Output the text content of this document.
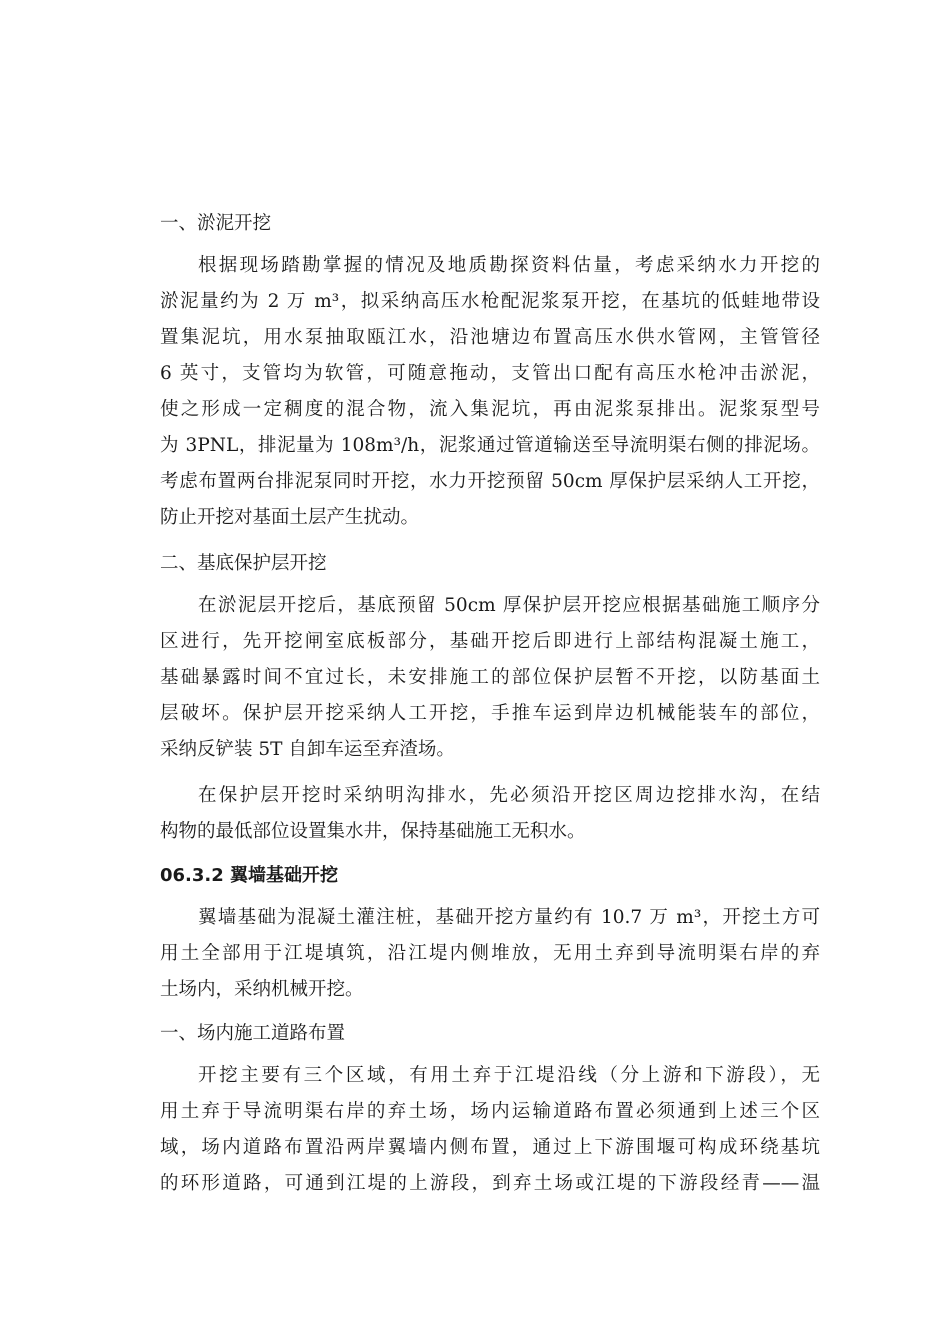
一、淤泥开挖
根据现场踏勘掌握的情况及地质勘探资料估量，考虑采纳水力开挖的
淤泥量约为 2 万 m³，拟采纳高压水枪配泥浆泵开挖，在基坑的低蛙地带设
置集泥坑，用水泵抽取瓯江水，沿池塘边布置高压水供水管网，主管管径
6 英寸，支管均为软管，可随意拖动，支管出口配有高压水枪冲击淤泥，
使之形成一定稠度的混合物，流入集泥坑，再由泥浆泵排出。泥浆泵型号
为 3PNL，排泥量为 108m³/h，泥浆通过管道输送至导流明渠右侧的排泥场。
考虑布置两台排泥泵同时开挖，水力开挖预留 50cm 厚保护层采纳人工开挖，
防止开挖对基面土层产生扰动。
二、基底保护层开挖
在淤泥层开挖后，基底预留 50cm 厚保护层开挖应根据基础施工顺序分
区进行，先开挖闸室底板部分，基础开挖后即进行上部结构混凝土施工，
基础暴露时间不宜过长，未安排施工的部位保护层暂不开挖，以防基面土
层破坏。保护层开挖采纳人工开挖，手推车运到岸边机械能装车的部位，
采纳反铲装 5T 自卸车运至弃渣场。
在保护层开挖时采纳明沟排水，先必须沿开挖区周边挖排水沟，在结
构物的最低部位设置集水井，保持基础施工无积水。
06.3.2 翼墙基础开挖
翼墙基础为混凝土灌注桩，基础开挖方量约有 10.7 万 m³，开挖土方可
用土全部用于江堤填筑，沿江堤内侧堆放，无用土弃到导流明渠右岸的弃
土场内，采纳机械开挖。
一、场内施工道路布置
开挖主要有三个区域，有用土弃于江堤沿线（分上游和下游段），无
用土弃于导流明渠右岸的弃土场，场内运输道路布置必须通到上述三个区
域，场内道路布置沿两岸翼墙内侧布置，通过上下游围堰可构成环绕基坑
的环形道路，可通到江堤的上游段，到弃土场或江堤的下游段经青——温
